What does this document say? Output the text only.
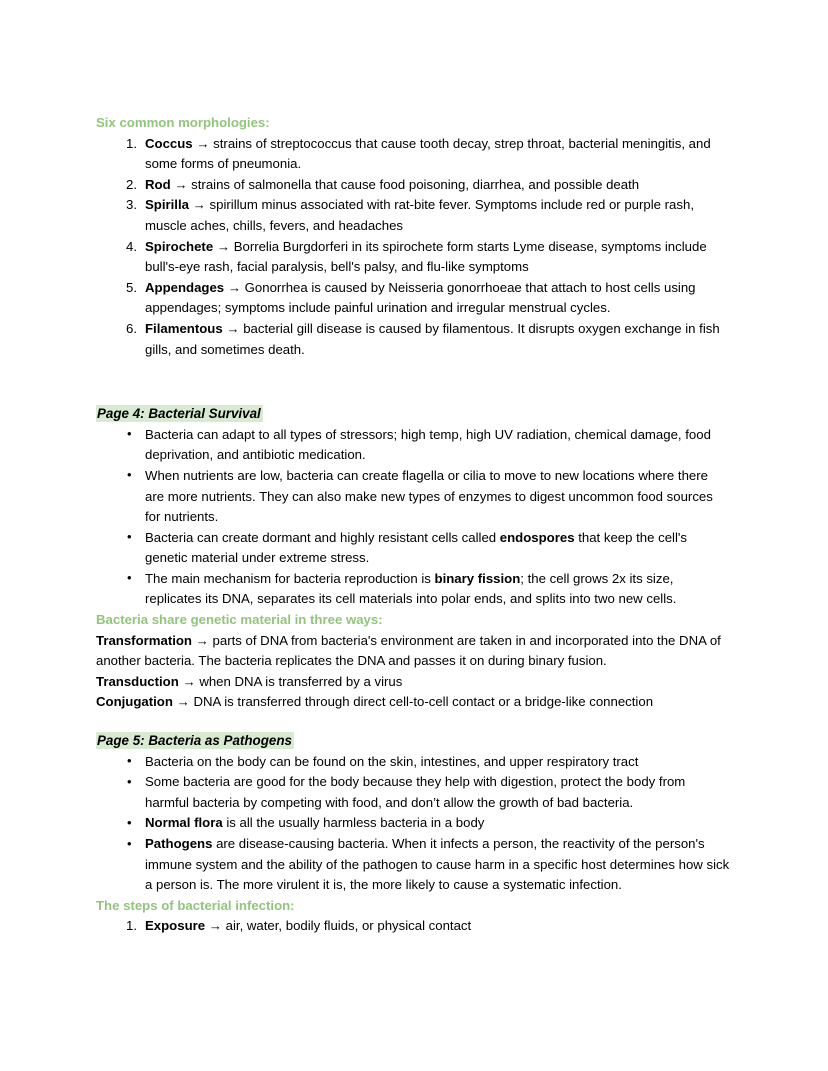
Six common morphologies:
Coccus → strains of streptococcus that cause tooth decay, strep throat, bacterial meningitis, and some forms of pneumonia.
Rod → strains of salmonella that cause food poisoning, diarrhea, and possible death
Spirilla → spirillum minus associated with rat-bite fever. Symptoms include red or purple rash, muscle aches, chills, fevers, and headaches
Spirochete → Borrelia Burgdorferi in its spirochete form starts Lyme disease, symptoms include bull's-eye rash, facial paralysis, bell's palsy, and flu-like symptoms
Appendages → Gonorrhea is caused by Neisseria gonorrhoeae that attach to host cells using appendages; symptoms include painful urination and irregular menstrual cycles.
Filamentous → bacterial gill disease is caused by filamentous. It disrupts oxygen exchange in fish gills, and sometimes death.
Page 4: Bacterial Survival
• Bacteria can adapt to all types of stressors; high temp, high UV radiation, chemical damage, food deprivation, and antibiotic medication.
• When nutrients are low, bacteria can create flagella or cilia to move to new locations where there are more nutrients. They can also make new types of enzymes to digest uncommon food sources for nutrients.
• Bacteria can create dormant and highly resistant cells called endospores that keep the cell's genetic material under extreme stress.
• The main mechanism for bacteria reproduction is binary fission; the cell grows 2x its size, replicates its DNA, separates its cell materials into polar ends, and splits into two new cells.
Bacteria share genetic material in three ways:

Transformation → parts of DNA from bacteria's environment are taken in and incorporated into the DNA of another bacteria. The bacteria replicates the DNA and passes it on during binary fusion.

Transduction → when DNA is transferred by a virus

Conjugation → DNA is transferred through direct cell-to-cell contact or a bridge-like connection

Page 5: Bacteria as Pathogens
• Bacteria on the body can be found on the skin, intestines, and upper respiratory tract
• Some bacteria are good for the body because they help with digestion, protect the body from harmful bacteria by competing with food, and don’t allow the growth of bad bacteria.
• Normal flora is all the usually harmless bacteria in a body
• Pathogens are disease-causing bacteria. When it infects a person, the reactivity of the person's immune system and the ability of the pathogen to cause harm in a specific host determines how sick a person is. The more virulent it is, the more likely to cause a systematic infection.
The steps of bacterial infection:
Exposure → air, water, bodily fluids, or physical contact
